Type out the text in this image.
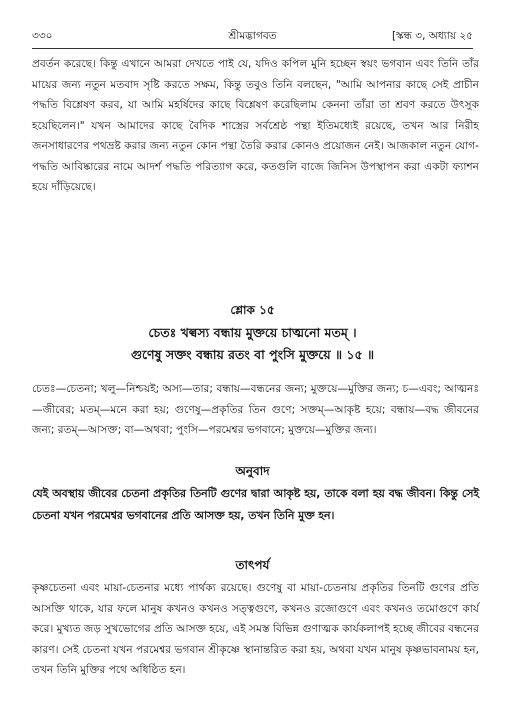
৩৩০	শ্রীমদ্ভাগবত	[স্কন্ধ ৩, অধ্যায় ২৫

প্রবর্তন করেছে। কিন্তু এখানে আমরা দেখতে পাই যে, যদিও কপিল মুনি হচ্ছেন স্বয়ং ভগবান এবং তিনি তাঁর মায়ের জন্য নতুন মতবাদ সৃষ্টি করতে সক্ষম, কিন্তু তবুও তিনি বলছেন, "আমি আপনার কাছে সেই প্রাচীন পদ্ধতি বিশ্লেষণ করব, যা আমি মহর্ষিদের কাছে বিশ্লেষণ করেছিলাম কেননা তাঁরা তা শ্রবণ করতে উৎসুক হয়েছিলেন।" যখন আমাদের কাছে বৈদিক শাস্ত্রের সর্বশ্রেষ্ঠ পন্থা ইতিমধ্যেই রয়েছে, তখন আর নিরীহ জনসাধারণের পথভ্রষ্ট করার জন্য নতুন কোন পন্থা তৈরি করার কোনও প্রয়োজন নেই। আজকাল নতুন যোগ-পদ্ধতি আবিষ্কারের নামে আদর্শ পদ্ধতি পরিত্যাগ করে, কতগুলি বাজে জিনিস উপস্থাপন করা একটা ফ্যাশন হয়ে দাঁড়িয়েছে।

শ্লোক ১৫
চেতঃ খল্বস্য বন্ধায় মুক্তয়ে চাত্মনো মতম্ ।
গুণেষু সক্তং বন্ধায় রতং বা পুংসি মুক্তয়ে ॥ ১৫ ॥

চেতঃ—চেতনা; খলু—নিশ্চয়ই; অস্য—তার; বন্ধায়—বন্ধনের জন্য; মুক্তয়ে—মুক্তির জন্য; চ—এবং; আত্মনঃ—জীবের; মতম্—মনে করা হয়; গুণেষু—প্রকৃতির তিন গুণে; সক্তম্—আকৃষ্ট হয়ে; বন্ধায়—বদ্ধ জীবনের জন্য; রতম্—আসক্ত; বা—অথবা; পুংসি—পরমেশ্বর ভগবানে; মুক্তয়ে—মুক্তির জন্য।

অনুবাদ

যেই অবস্থায় জীবের চেতনা প্রকৃতির তিনটি গুণের দ্বারা আকৃষ্ট হয়, তাকে বলা হয় বদ্ধ জীবন। কিন্তু সেই চেতনা যখন পরমেশ্বর ভগবানের প্রতি আসক্ত হয়, তখন তিনি মুক্ত হন।

তাৎপর্য

কৃষ্ণচেতনা এবং মায়া-চেতনার মধ্যে পার্থক্য রয়েছে। গুণেষু বা মায়া-চেতনায় প্রকৃতির তিনটি গুণের প্রতি আসক্তি থাকে, যার ফলে মানুষ কখনও কখনও সত্ত্বগুণে, কখনও রজোগুণে এবং কখনও তমোগুণে কার্য করে। মুখ্যত জড় সুখভোগের প্রতি আসক্ত হয়ে, এই সমস্ত বিভিন্ন গুণাত্মক কার্যকলাপই হচ্ছে জীবের বন্ধনের কারণ। সেই চেতনা যখন পরমেশ্বর ভগবান শ্রীকৃষ্ণে স্থানান্তরিত করা হয়, অথবা যখন মানুষ কৃষ্ণভাবনাময় হন, তখন তিনি মুক্তির পথে অধিষ্ঠিত হন।
